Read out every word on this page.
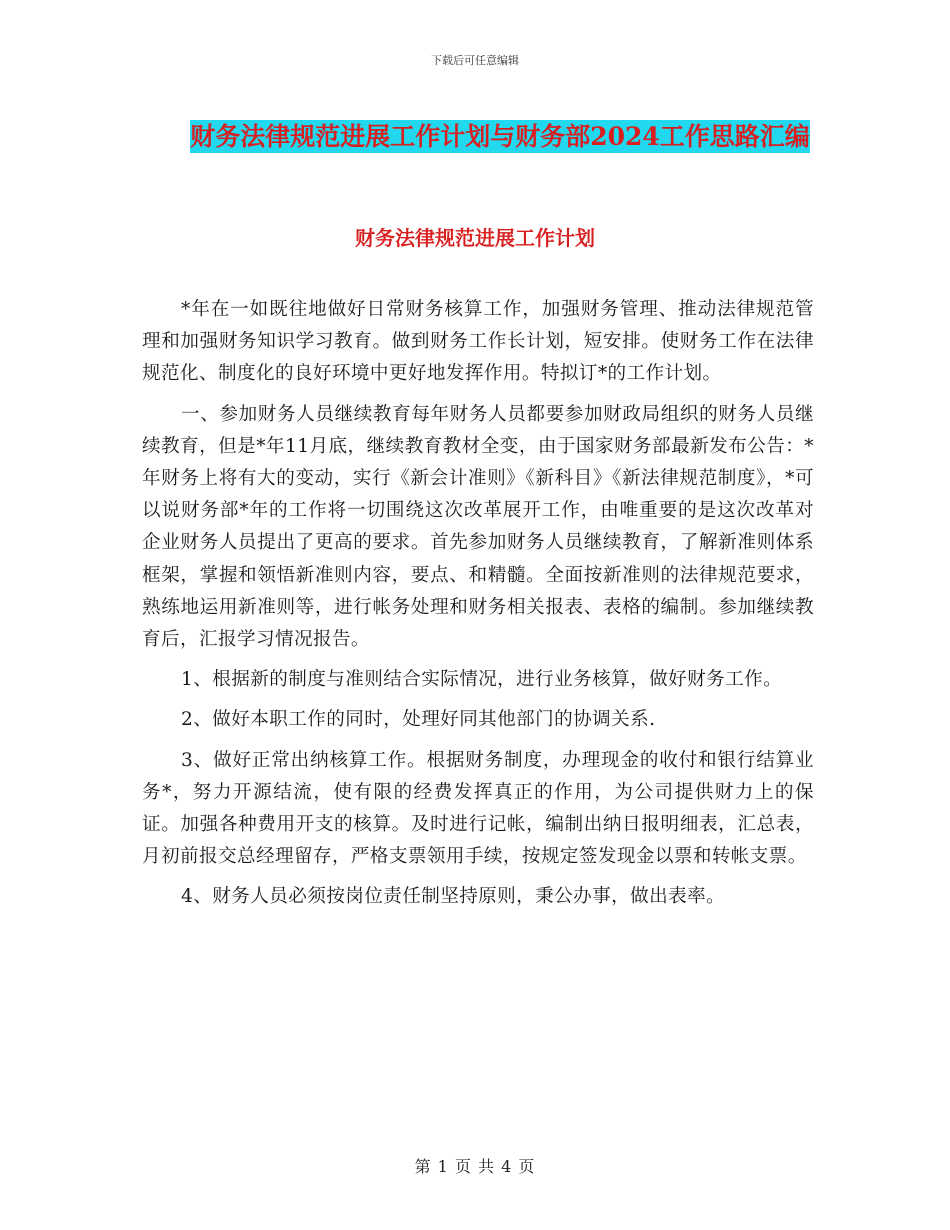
下载后可任意编辑
财务法律规范进展工作计划与财务部2024工作思路汇编
财务法律规范进展工作计划

*年在一如既往地做好日常财务核算工作，加强财务管理、推动法律规范管理和加强财务知识学习教育。做到财务工作长计划，短安排。使财务工作在法律规范化、制度化的良好环境中更好地发挥作用。特拟订*的工作计划。

一、参加财务人员继续教育每年财务人员都要参加财政局组织的财务人员继续教育，但是*年11月底，继续教育教材全变，由于国家财务部最新发布公告：*年财务上将有大的变动，实行《新会计准则》《新科目》《新法律规范制度》，*可以说财务部*年的工作将一切围绕这次改革展开工作，由唯重要的是这次改革对企业财务人员提出了更高的要求。首先参加财务人员继续教育，了解新准则体系框架，掌握和领悟新准则内容，要点、和精髓。全面按新准则的法律规范要求，熟练地运用新准则等，进行帐务处理和财务相关报表、表格的编制。参加继续教育后，汇报学习情况报告。

1、根据新的制度与准则结合实际情况，进行业务核算，做好财务工作。

2、做好本职工作的同时，处理好同其他部门的协调关系.

3、做好正常出纳核算工作。根据财务制度，办理现金的收付和银行结算业务*，努力开源结流，使有限的经费发挥真正的作用，为公司提供财力上的保证。加强各种费用开支的核算。及时进行记帐，编制出纳日报明细表，汇总表，月初前报交总经理留存，严格支票领用手续，按规定签发现金以票和转帐支票。

4、财务人员必须按岗位责任制坚持原则，秉公办事，做出表率。

第 1 页 共 4 页
